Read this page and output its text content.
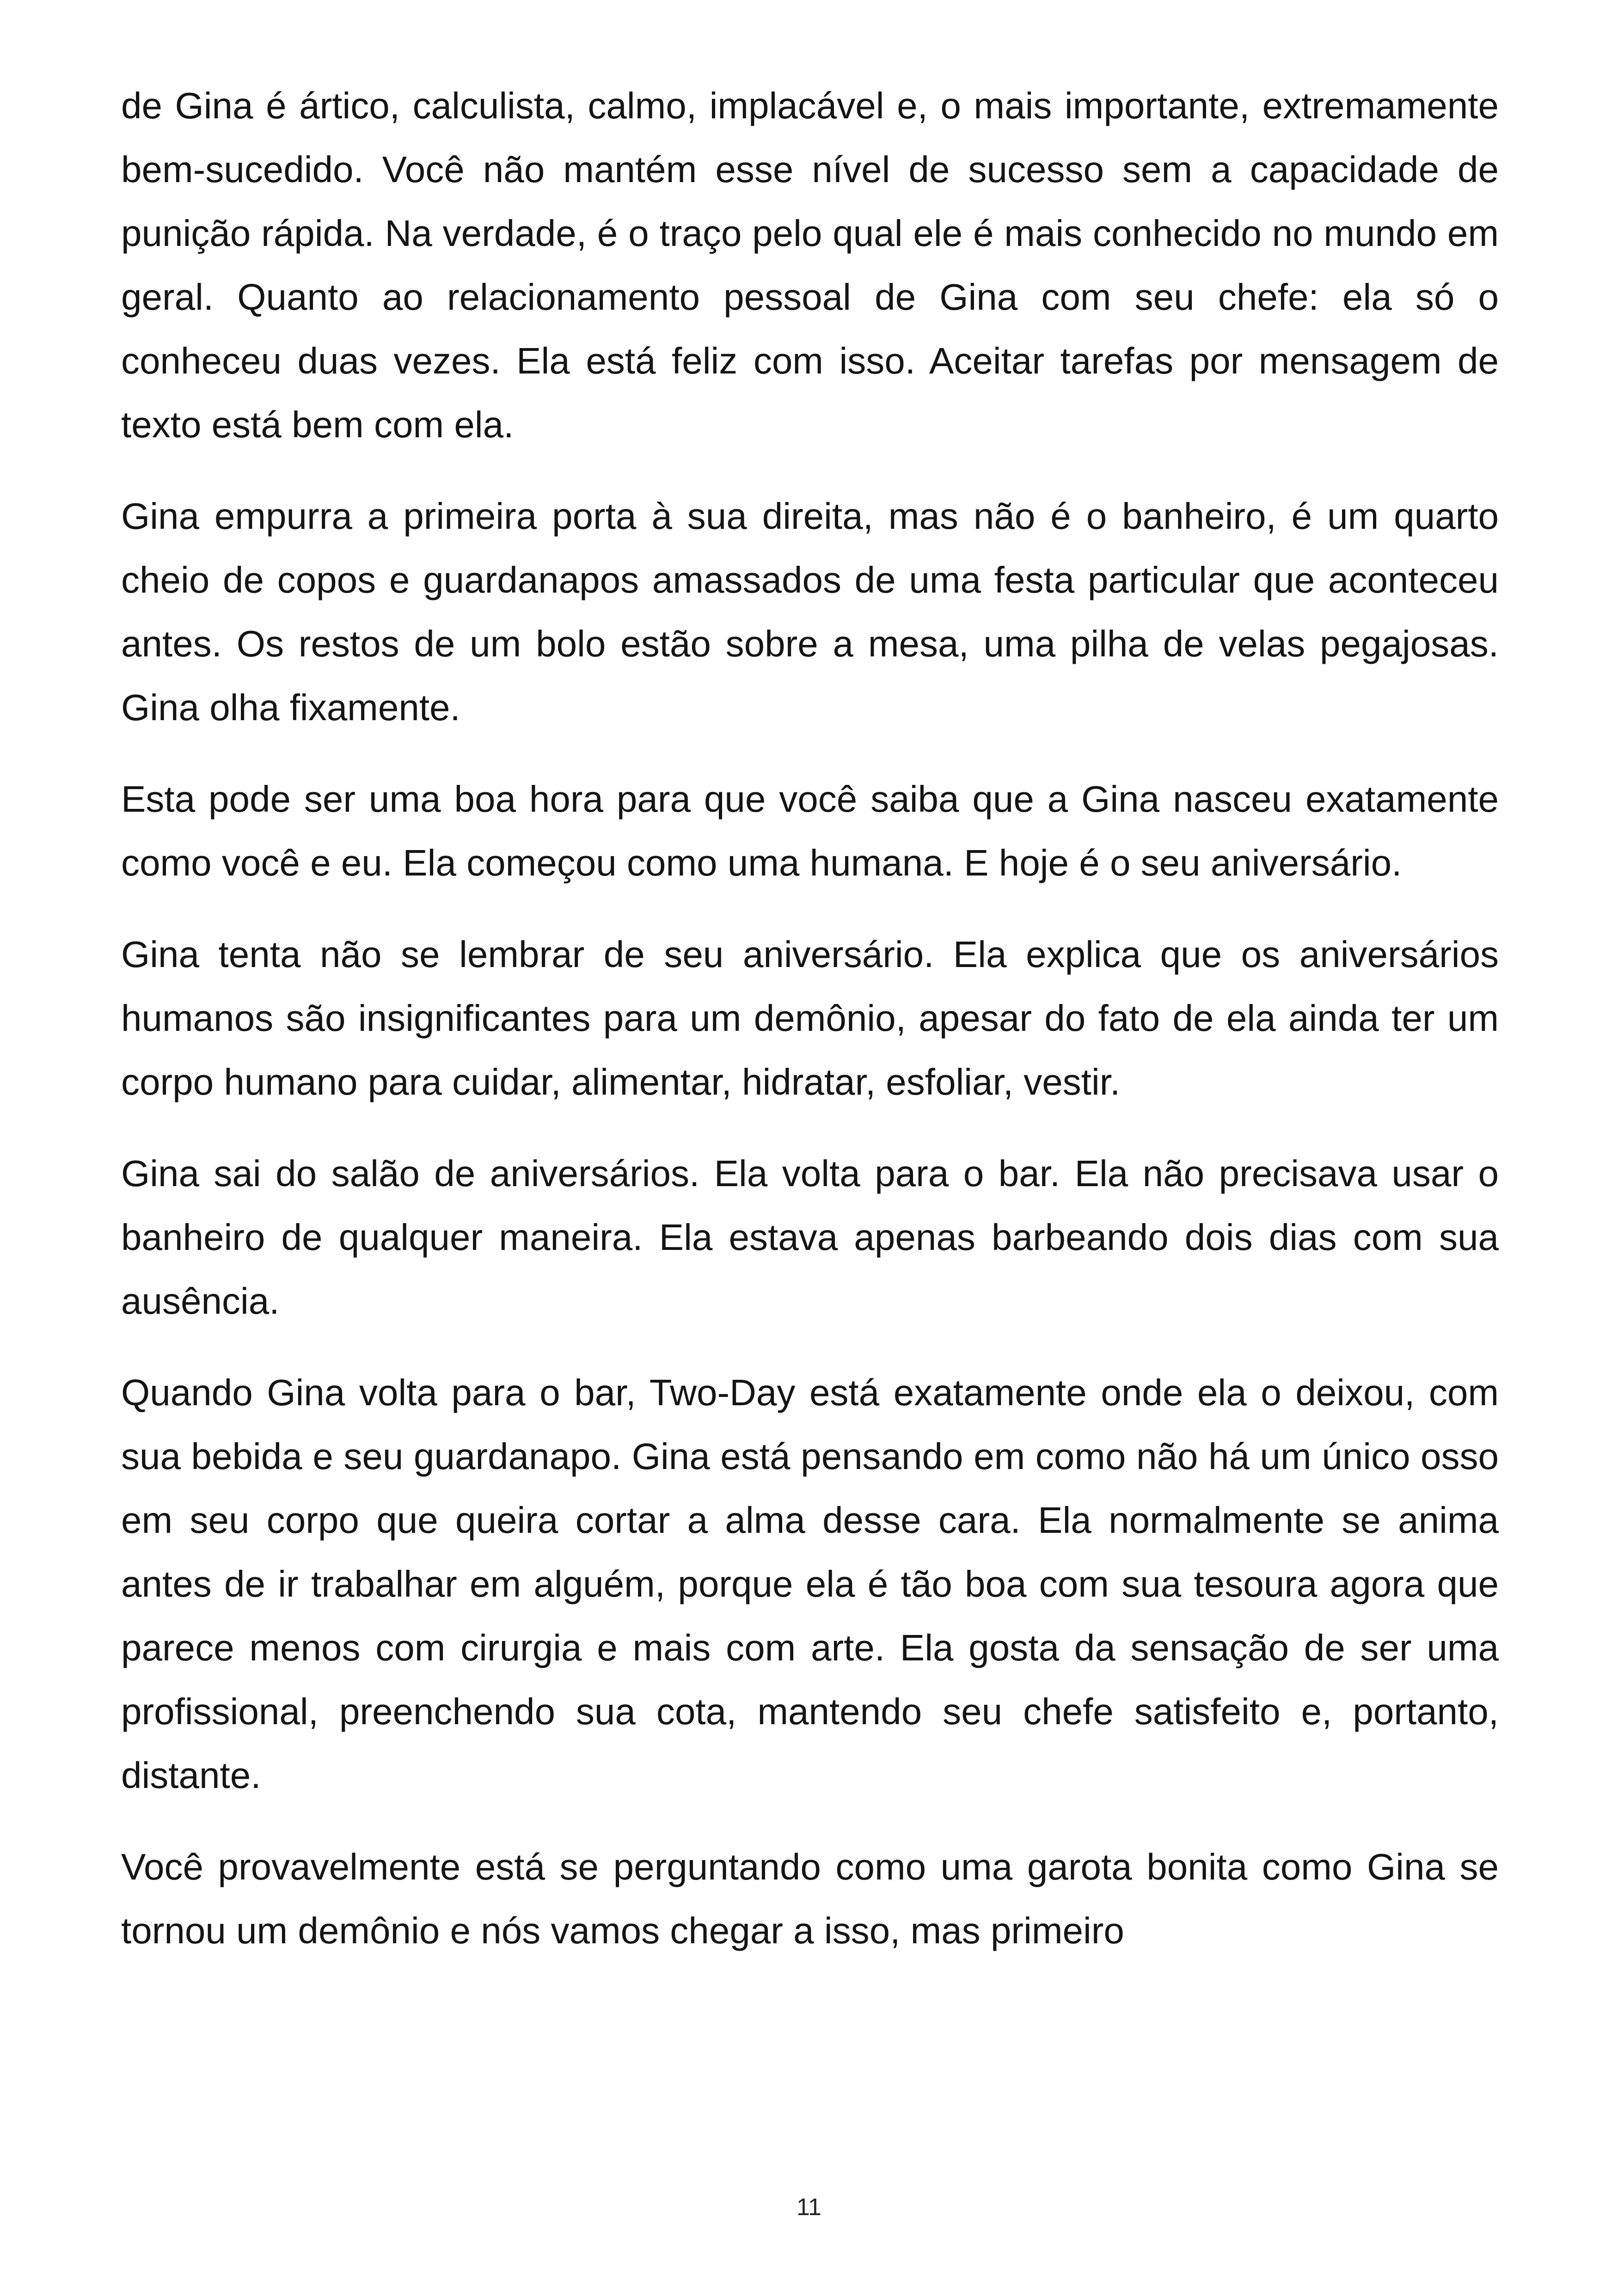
de Gina é ártico, calculista, calmo, implacável e, o mais importante, extremamente bem-sucedido. Você não mantém esse nível de sucesso sem a capacidade de punição rápida. Na verdade, é o traço pelo qual ele é mais conhecido no mundo em geral. Quanto ao relacionamento pessoal de Gina com seu chefe: ela só o conheceu duas vezes. Ela está feliz com isso. Aceitar tarefas por mensagem de texto está bem com ela.

Gina empurra a primeira porta à sua direita, mas não é o banheiro, é um quarto cheio de copos e guardanapos amassados de uma festa particular que aconteceu antes. Os restos de um bolo estão sobre a mesa, uma pilha de velas pegajosas. Gina olha fixamente.

Esta pode ser uma boa hora para que você saiba que a Gina nasceu exatamente como você e eu. Ela começou como uma humana. E hoje é o seu aniversário.

Gina tenta não se lembrar de seu aniversário. Ela explica que os aniversários humanos são insignificantes para um demônio, apesar do fato de ela ainda ter um corpo humano para cuidar, alimentar, hidratar, esfoliar, vestir.

Gina sai do salão de aniversários. Ela volta para o bar. Ela não precisava usar o banheiro de qualquer maneira. Ela estava apenas barbeando dois dias com sua ausência.

Quando Gina volta para o bar, Two-Day está exatamente onde ela o deixou, com sua bebida e seu guardanapo. Gina está pensando em como não há um único osso em seu corpo que queira cortar a alma desse cara. Ela normalmente se anima antes de ir trabalhar em alguém, porque ela é tão boa com sua tesoura agora que parece menos com cirurgia e mais com arte. Ela gosta da sensação de ser uma profissional, preenchendo sua cota, mantendo seu chefe satisfeito e, portanto, distante.

Você provavelmente está se perguntando como uma garota bonita como Gina se tornou um demônio e nós vamos chegar a isso, mas primeiro

11
